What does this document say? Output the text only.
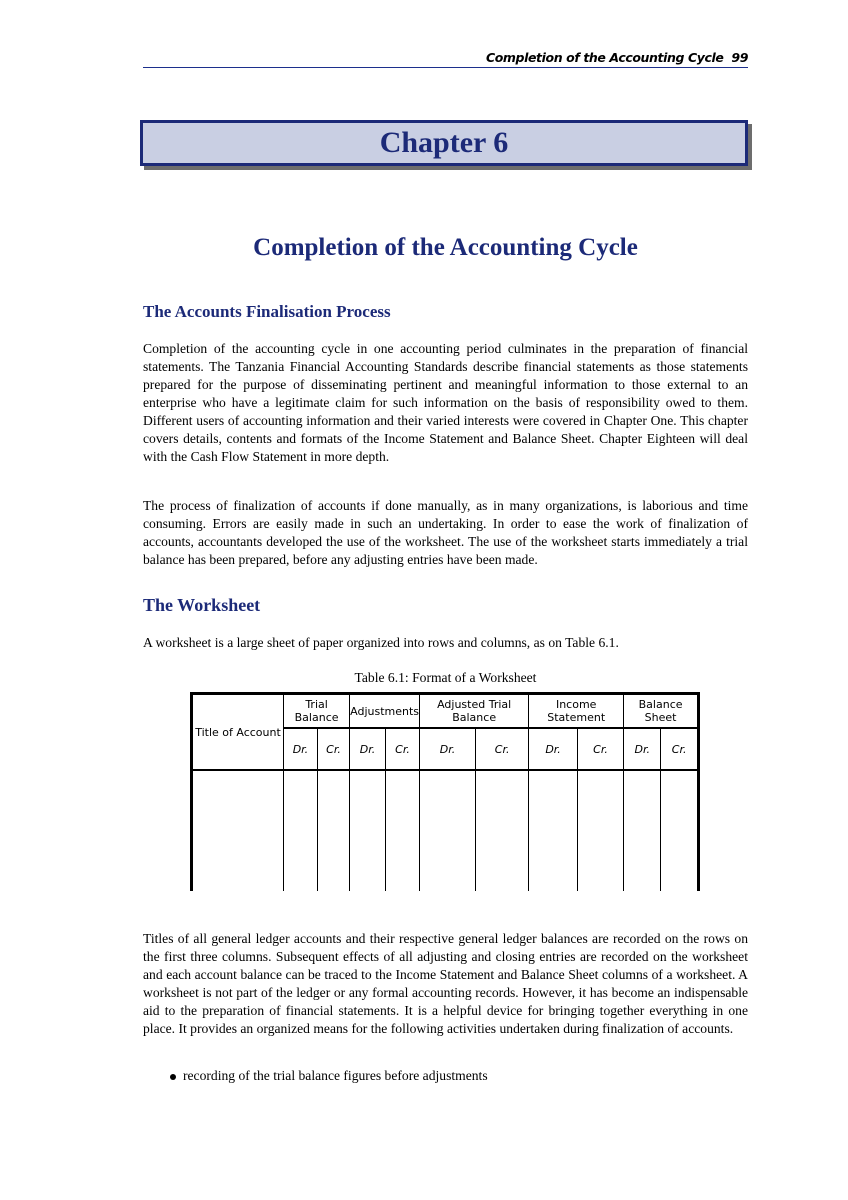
Completion of the Accounting Cycle 99
Chapter 6
Completion of the Accounting Cycle
The Accounts Finalisation Process

Completion of the accounting cycle in one accounting period culminates in the preparation of financial statements. The Tanzania Financial Accounting Standards describe financial statements as those statements prepared for the purpose of disseminating pertinent and meaningful information to those external to an enterprise who have a legitimate claim for such information on the basis of responsibility owed to them. Different users of accounting information and their varied interests were covered in Chapter One. This chapter covers details, contents and formats of the Income Statement and Balance Sheet. Chapter Eighteen will deal with the Cash Flow Statement in more depth.

The process of finalization of accounts if done manually, as in many organizations, is laborious and time consuming. Errors are easily made in such an undertaking. In order to ease the work of finalization of accounts, accountants developed the use of the worksheet. The use of the worksheet starts immediately a trial balance has been prepared, before any adjusting entries have been made.

The Worksheet

A worksheet is a large sheet of paper organized into rows and columns, as on Table 6.1.

Table 6.1: Format of a Worksheet
Title of Account	Trial Balance		Adjustments		Adjusted Trial Balance		Income Statement		Balance Sheet	
	Dr.	Cr.	Dr.	Cr.	Dr.	Cr.	Dr.	Cr.	Dr.	Cr.

Titles of all general ledger accounts and their respective general ledger balances are recorded on the rows on the first three columns. Subsequent effects of all adjusting and closing entries are recorded on the worksheet and each account balance can be traced to the Income Statement and Balance Sheet columns of a worksheet. A worksheet is not part of the ledger or any formal accounting records. However, it has become an indispensable aid to the preparation of financial statements. It is a helpful device for bringing together everything in one place. It provides an organized means for the following activities undertaken during finalization of accounts.

recording of the trial balance figures before adjustments
